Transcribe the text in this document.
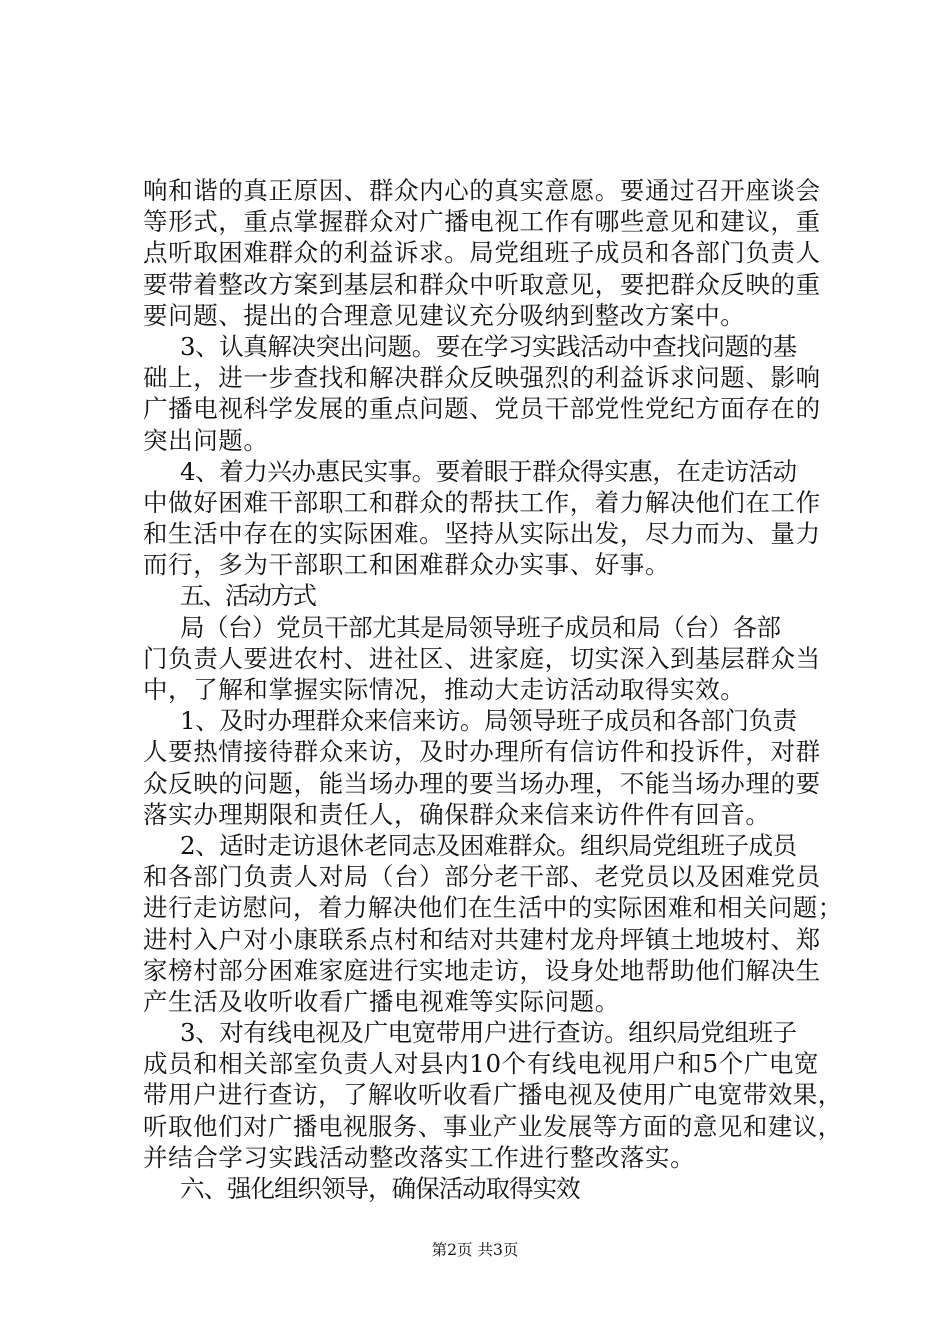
响和谐的真正原因、群众内心的真实意愿。要通过召开座谈会
等形式，重点掌握群众对广播电视工作有哪些意见和建议，重
点听取困难群众的利益诉求。局党组班子成员和各部门负责人
要带着整改方案到基层和群众中听取意见，要把群众反映的重
要问题、提出的合理意见建议充分吸纳到整改方案中。
3、认真解决突出问题。要在学习实践活动中查找问题的基
础上，进一步查找和解决群众反映强烈的利益诉求问题、影响
广播电视科学发展的重点问题、党员干部党性党纪方面存在的
突出问题。
4、着力兴办惠民实事。要着眼于群众得实惠，在走访活动
中做好困难干部职工和群众的帮扶工作，着力解决他们在工作
和生活中存在的实际困难。坚持从实际出发，尽力而为、量力
而行，多为干部职工和困难群众办实事、好事。
五、活动方式
局（台）党员干部尤其是局领导班子成员和局（台）各部
门负责人要进农村、进社区、进家庭，切实深入到基层群众当
中，了解和掌握实际情况，推动大走访活动取得实效。
1、及时办理群众来信来访。局领导班子成员和各部门负责
人要热情接待群众来访，及时办理所有信访件和投诉件，对群
众反映的问题，能当场办理的要当场办理，不能当场办理的要
落实办理期限和责任人，确保群众来信来访件件有回音。
2、适时走访退休老同志及困难群众。组织局党组班子成员
和各部门负责人对局（台）部分老干部、老党员以及困难党员
进行走访慰问，着力解决他们在生活中的实际困难和相关问题；
进村入户对小康联系点村和结对共建村龙舟坪镇土地坡村、郑
家榜村部分困难家庭进行实地走访，设身处地帮助他们解决生
产生活及收听收看广播电视难等实际问题。
3、对有线电视及广电宽带用户进行查访。组织局党组班子
成员和相关部室负责人对县内10个有线电视用户和5个广电宽
带用户进行查访，了解收听收看广播电视及使用广电宽带效果，
听取他们对广播电视服务、事业产业发展等方面的意见和建议，
并结合学习实践活动整改落实工作进行整改落实。
六、强化组织领导，确保活动取得实效
第2页 共3页
